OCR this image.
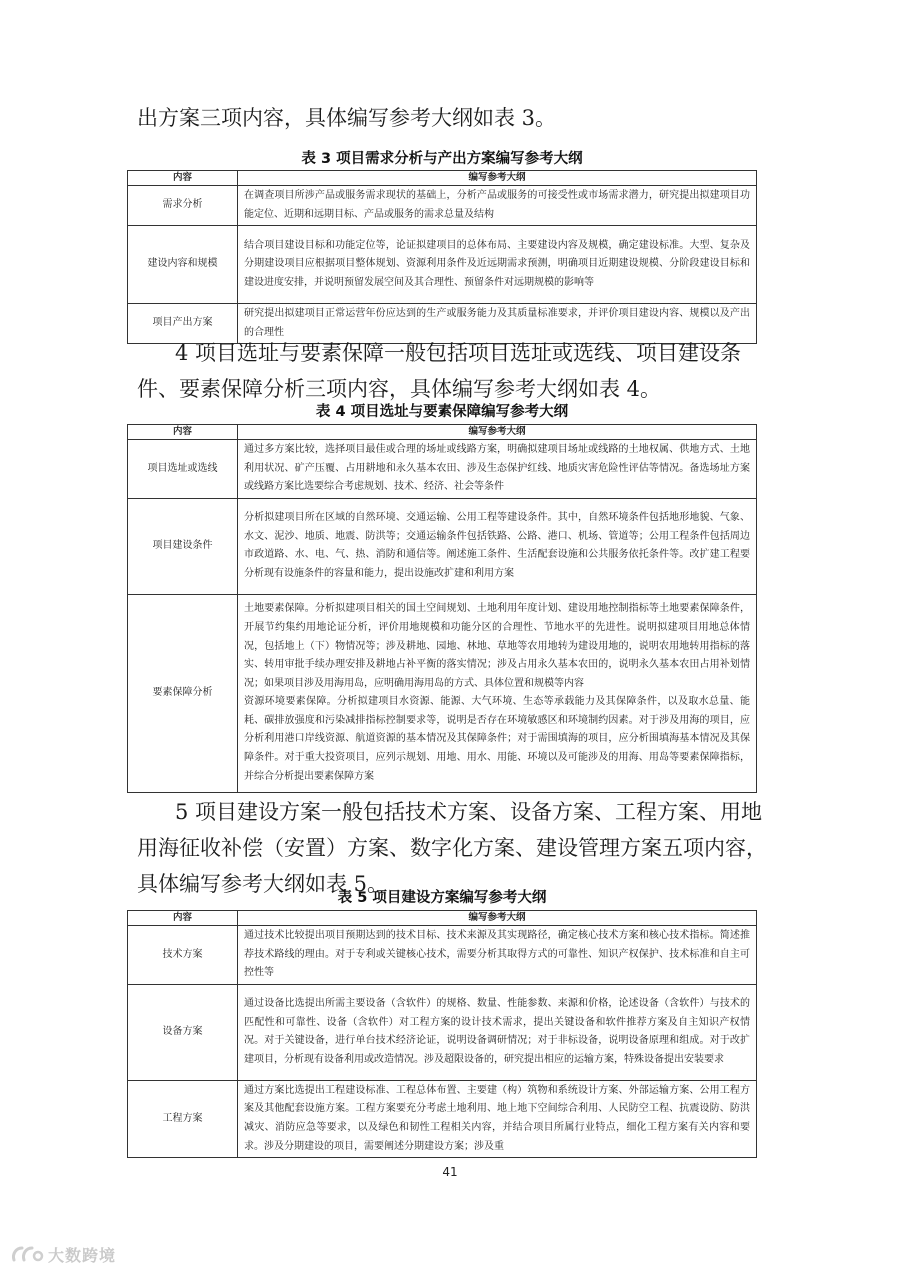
出方案三项内容，具体编写参考大纲如表 3。

表 3 项目需求分析与产出方案编写参考大纲

内容	编写参考大纲
需求分析	在调查项目所涉产品或服务需求现状的基础上，分析产品或服务的可接受性或市场需求潜力，研究提出拟建项目功能定位、近期和远期目标、产品或服务的需求总量及结构
建设内容和规模	结合项目建设目标和功能定位等，论证拟建项目的总体布局、主要建设内容及规模，确定建设标准。大型、复杂及分期建设项目应根据项目整体规划、资源利用条件及近远期需求预测，明确项目近期建设规模、分阶段建设目标和建设进度安排，并说明预留发展空间及其合理性、预留条件对远期规模的影响等
项目产出方案	研究提出拟建项目正常运营年份应达到的生产或服务能力及其质量标准要求，并评价项目建设内容、规模以及产出的合理性

4 项目选址与要素保障一般包括项目选址或选线、项目建设条件、要素保障分析三项内容，具体编写参考大纲如表 4。

表 4 项目选址与要素保障编写参考大纲

内容	编写参考大纲
项目选址或选线	通过多方案比较，选择项目最佳或合理的场址或线路方案，明确拟建项目场址或线路的土地权属、供地方式、土地利用状况、矿产压覆、占用耕地和永久基本农田、涉及生态保护红线、地质灾害危险性评估等情况。备选场址方案或线路方案比选要综合考虑规划、技术、经济、社会等条件
项目建设条件	分析拟建项目所在区域的自然环境、交通运输、公用工程等建设条件。其中，自然环境条件包括地形地貌、气象、水文、泥沙、地质、地震、防洪等；交通运输条件包括铁路、公路、港口、机场、管道等；公用工程条件包括周边市政道路、水、电、气、热、消防和通信等。阐述施工条件、生活配套设施和公共服务依托条件等。改扩建工程要分析现有设施条件的容量和能力，提出设施改扩建和利用方案
要素保障分析	土地要素保障。分析拟建项目相关的国土空间规划、土地利用年度计划、建设用地控制指标等土地要素保障条件，开展节约集约用地论证分析，评价用地规模和功能分区的合理性、节地水平的先进性。说明拟建项目用地总体情况，包括地上（下）物情况等；涉及耕地、园地、林地、草地等农用地转为建设用地的，说明农用地转用指标的落实、转用审批手续办理安排及耕地占补平衡的落实情况；涉及占用永久基本农田的，说明永久基本农田占用补划情况；如果项目涉及用海用岛，应明确用海用岛的方式、具体位置和规模等内容
资源环境要素保障。分析拟建项目水资源、能源、大气环境、生态等承载能力及其保障条件，以及取水总量、能耗、碳排放强度和污染减排指标控制要求等，说明是否存在环境敏感区和环境制约因素。对于涉及用海的项目，应分析利用港口岸线资源、航道资源的基本情况及其保障条件；对于需围填海的项目，应分析围填海基本情况及其保障条件。对于重大投资项目，应列示规划、用地、用水、用能、环境以及可能涉及的用海、用岛等要素保障指标，并综合分析提出要素保障方案

5 项目建设方案一般包括技术方案、设备方案、工程方案、用地用海征收补偿（安置）方案、数字化方案、建设管理方案五项内容，具体编写参考大纲如表 5。

表 5 项目建设方案编写参考大纲

内容	编写参考大纲
技术方案	通过技术比较提出项目预期达到的技术目标、技术来源及其实现路径，确定核心技术方案和核心技术指标。简述推荐技术路线的理由。对于专利或关键核心技术，需要分析其取得方式的可靠性、知识产权保护、技术标准和自主可控性等
设备方案	通过设备比选提出所需主要设备（含软件）的规格、数量、性能参数、来源和价格，论述设备（含软件）与技术的匹配性和可靠性、设备（含软件）对工程方案的设计技术需求，提出关键设备和软件推荐方案及自主知识产权情况。对于关键设备，进行单台技术经济论证，说明设备调研情况；对于非标设备，说明设备原理和组成。对于改扩建项目，分析现有设备利用或改造情况。涉及超限设备的，研究提出相应的运输方案，特殊设备提出安装要求
工程方案	通过方案比选提出工程建设标准、工程总体布置、主要建（构）筑物和系统设计方案、外部运输方案、公用工程方案及其他配套设施方案。工程方案要充分考虑土地利用、地上地下空间综合利用、人民防空工程、抗震设防、防洪减灾、消防应急等要求，以及绿色和韧性工程相关内容，并结合项目所属行业特点，细化工程方案有关内容和要求。涉及分期建设的项目，需要阐述分期建设方案；涉及重
41
大数跨境
